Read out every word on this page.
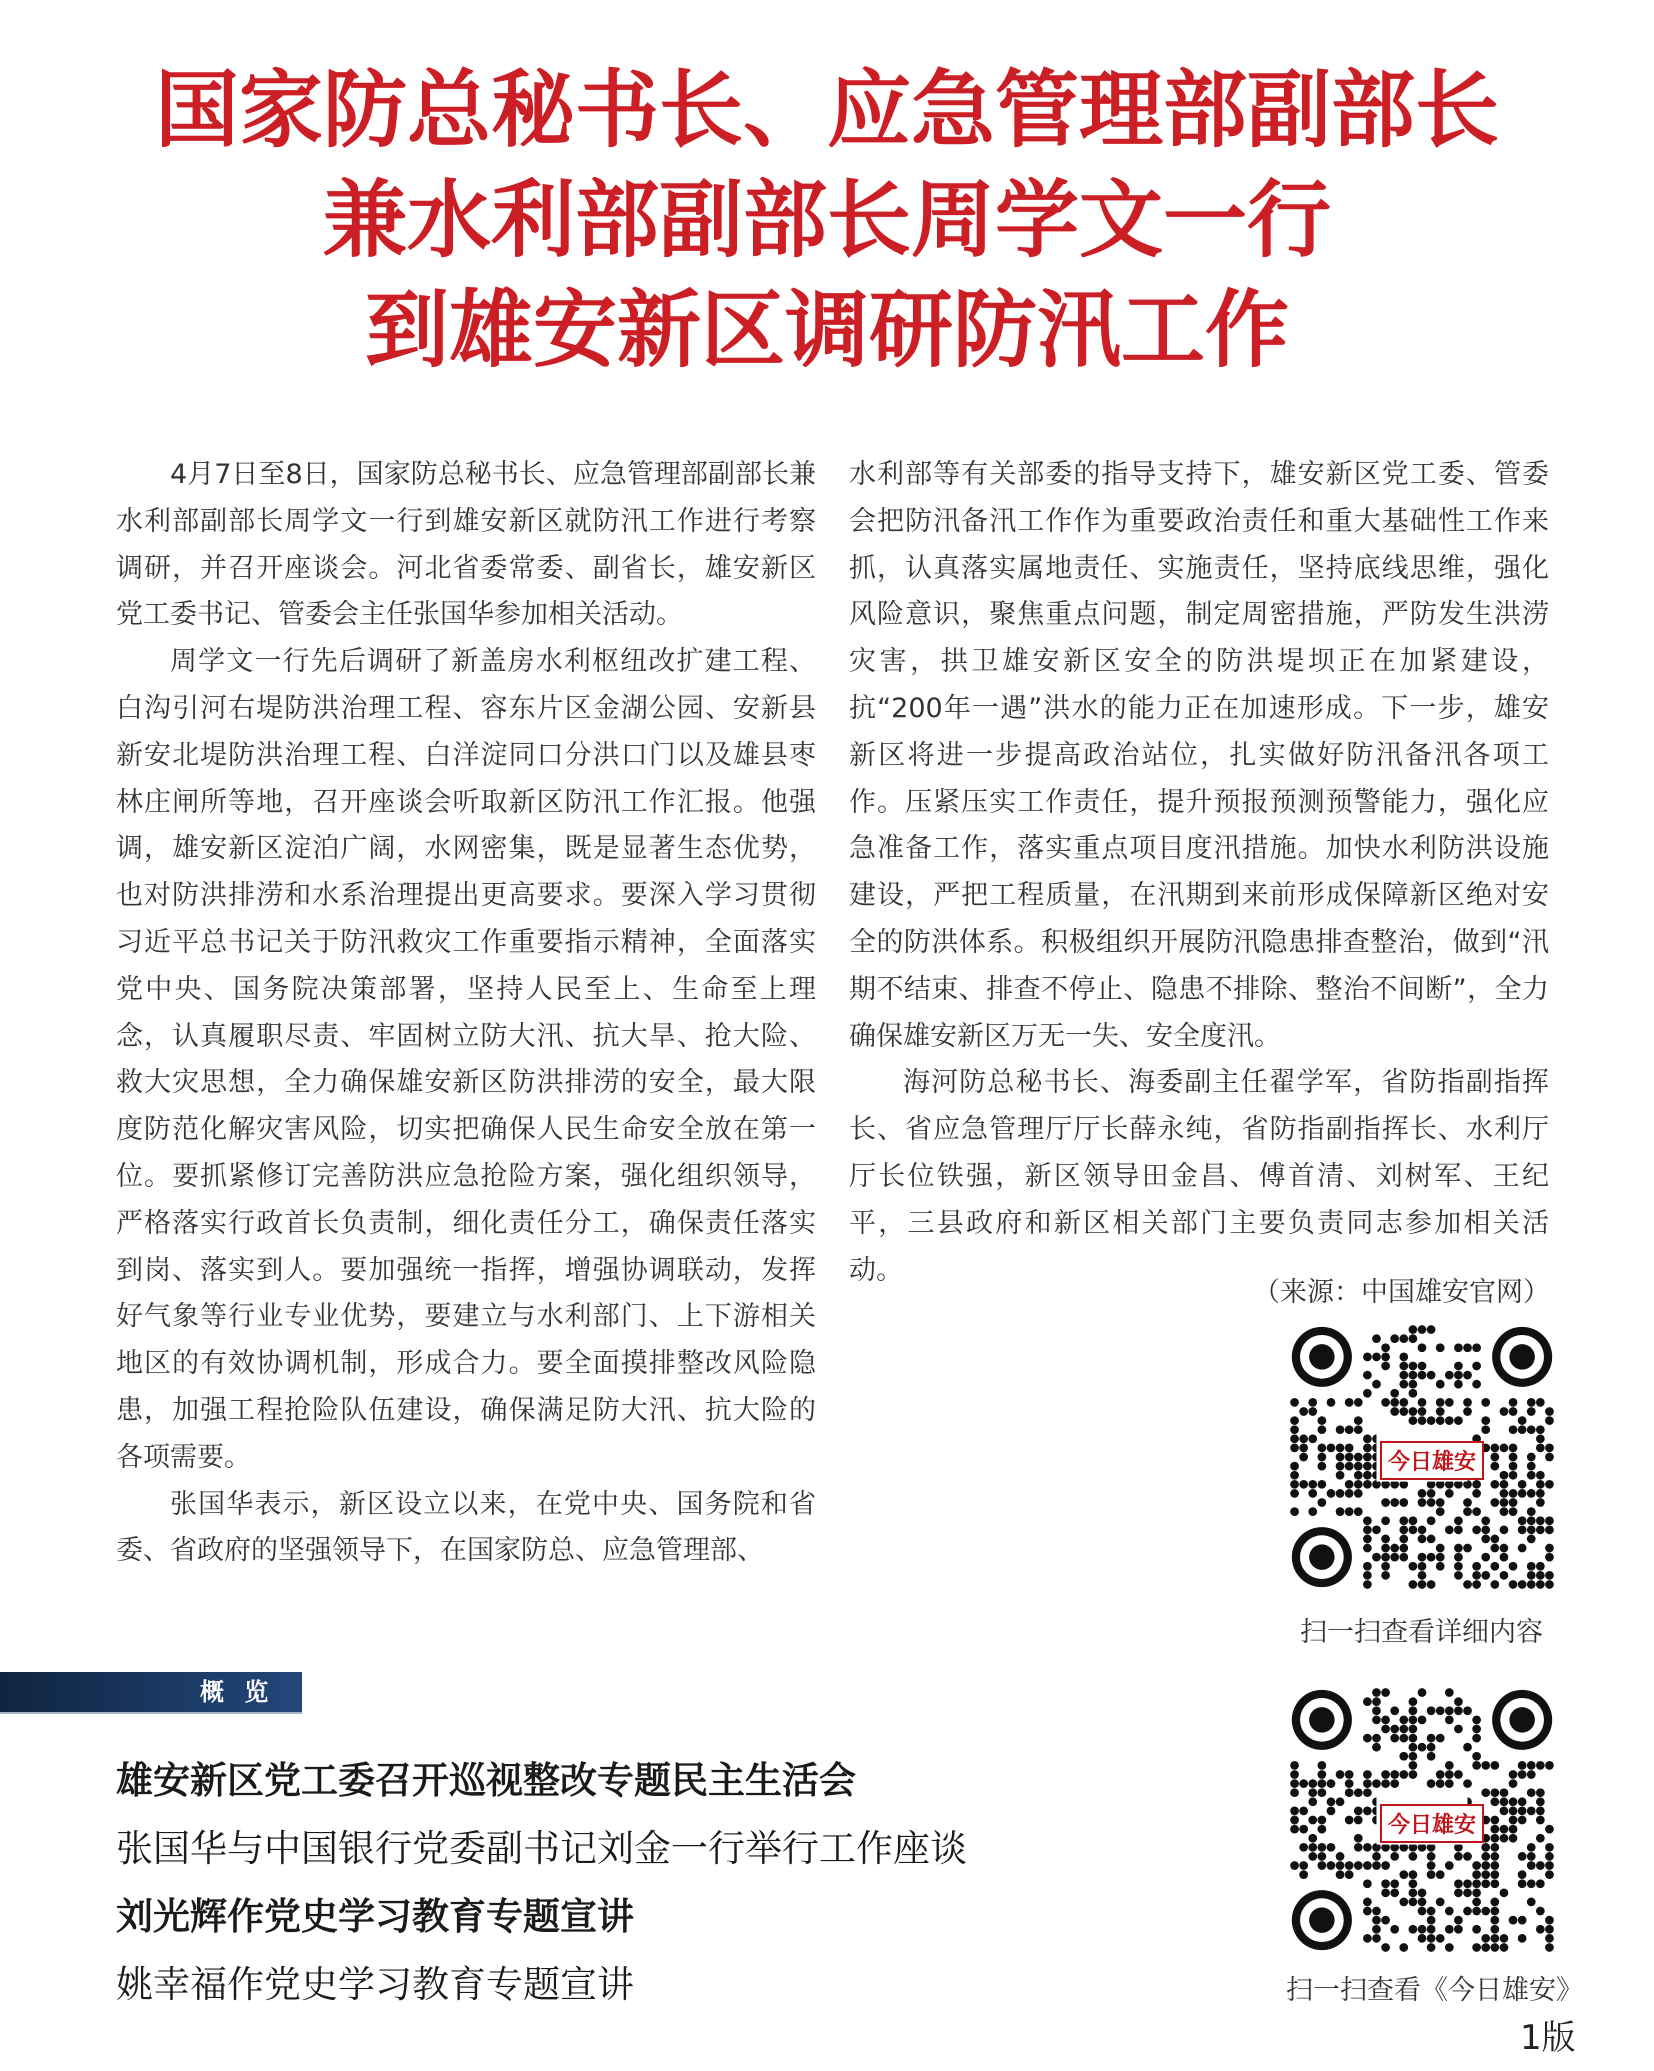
国家防总秘书长、应急管理部副部长
兼水利部副部长周学文一行
到雄安新区调研防汛工作

4月7日至8日，国家防总秘书长、应急管理部副部长兼水利部副部长周学文一行到雄安新区就防汛工作进行考察调研，并召开座谈会。河北省委常委、副省长，雄安新区党工委书记、管委会主任张国华参加相关活动。

周学文一行先后调研了新盖房水利枢纽改扩建工程、白沟引河右堤防洪治理工程、容东片区金湖公园、安新县新安北堤防洪治理工程、白洋淀同口分洪口门以及雄县枣林庄闸所等地，召开座谈会听取新区防汛工作汇报。他强调，雄安新区淀泊广阔，水网密集，既是显著生态优势，也对防洪排涝和水系治理提出更高要求。要深入学习贯彻习近平总书记关于防汛救灾工作重要指示精神，全面落实党中央、国务院决策部署，坚持人民至上、生命至上理念，认真履职尽责、牢固树立防大汛、抗大旱、抢大险、救大灾思想，全力确保雄安新区防洪排涝的安全，最大限度防范化解灾害风险，切实把确保人民生命安全放在第一位。要抓紧修订完善防洪应急抢险方案，强化组织领导，严格落实行政首长负责制，细化责任分工，确保责任落实到岗、落实到人。要加强统一指挥，增强协调联动，发挥好气象等行业专业优势，要建立与水利部门、上下游相关地区的有效协调机制，形成合力。要全面摸排整改风险隐患，加强工程抢险队伍建设，确保满足防大汛、抗大险的各项需要。

张国华表示，新区设立以来，在党中央、国务院和省委、省政府的坚强领导下，在国家防总、应急管理部、

水利部等有关部委的指导支持下，雄安新区党工委、管委会把防汛备汛工作作为重要政治责任和重大基础性工作来抓，认真落实属地责任、实施责任，坚持底线思维，强化风险意识，聚焦重点问题，制定周密措施，严防发生洪涝灾害，拱卫雄安新区安全的防洪堤坝正在加紧建设，抗“200年一遇”洪水的能力正在加速形成。下一步，雄安新区将进一步提高政治站位，扎实做好防汛备汛各项工作。压紧压实工作责任，提升预报预测预警能力，强化应急准备工作，落实重点项目度汛措施。加快水利防洪设施建设，严把工程质量，在汛期到来前形成保障新区绝对安全的防洪体系。积极组织开展防汛隐患排查整治，做到“汛期不结束、排查不停止、隐患不排除、整治不间断”，全力确保雄安新区万无一失、安全度汛。

海河防总秘书长、海委副主任翟学军，省防指副指挥长、省应急管理厅厅长薛永纯，省防指副指挥长、水利厅厅长位铁强，新区领导田金昌、傅首清、刘树军、王纪平，三县政府和新区相关部门主要负责同志参加相关活动。

（来源：中国雄安官网）
今日雄安
扫一扫查看详细内容
概 览
雄安新区党工委召开巡视整改专题民主生活会
张国华与中国银行党委副书记刘金一行举行工作座谈
刘光辉作党史学习教育专题宣讲
姚幸福作党史学习教育专题宣讲
今日雄安
扫一扫查看《今日雄安》
1版
